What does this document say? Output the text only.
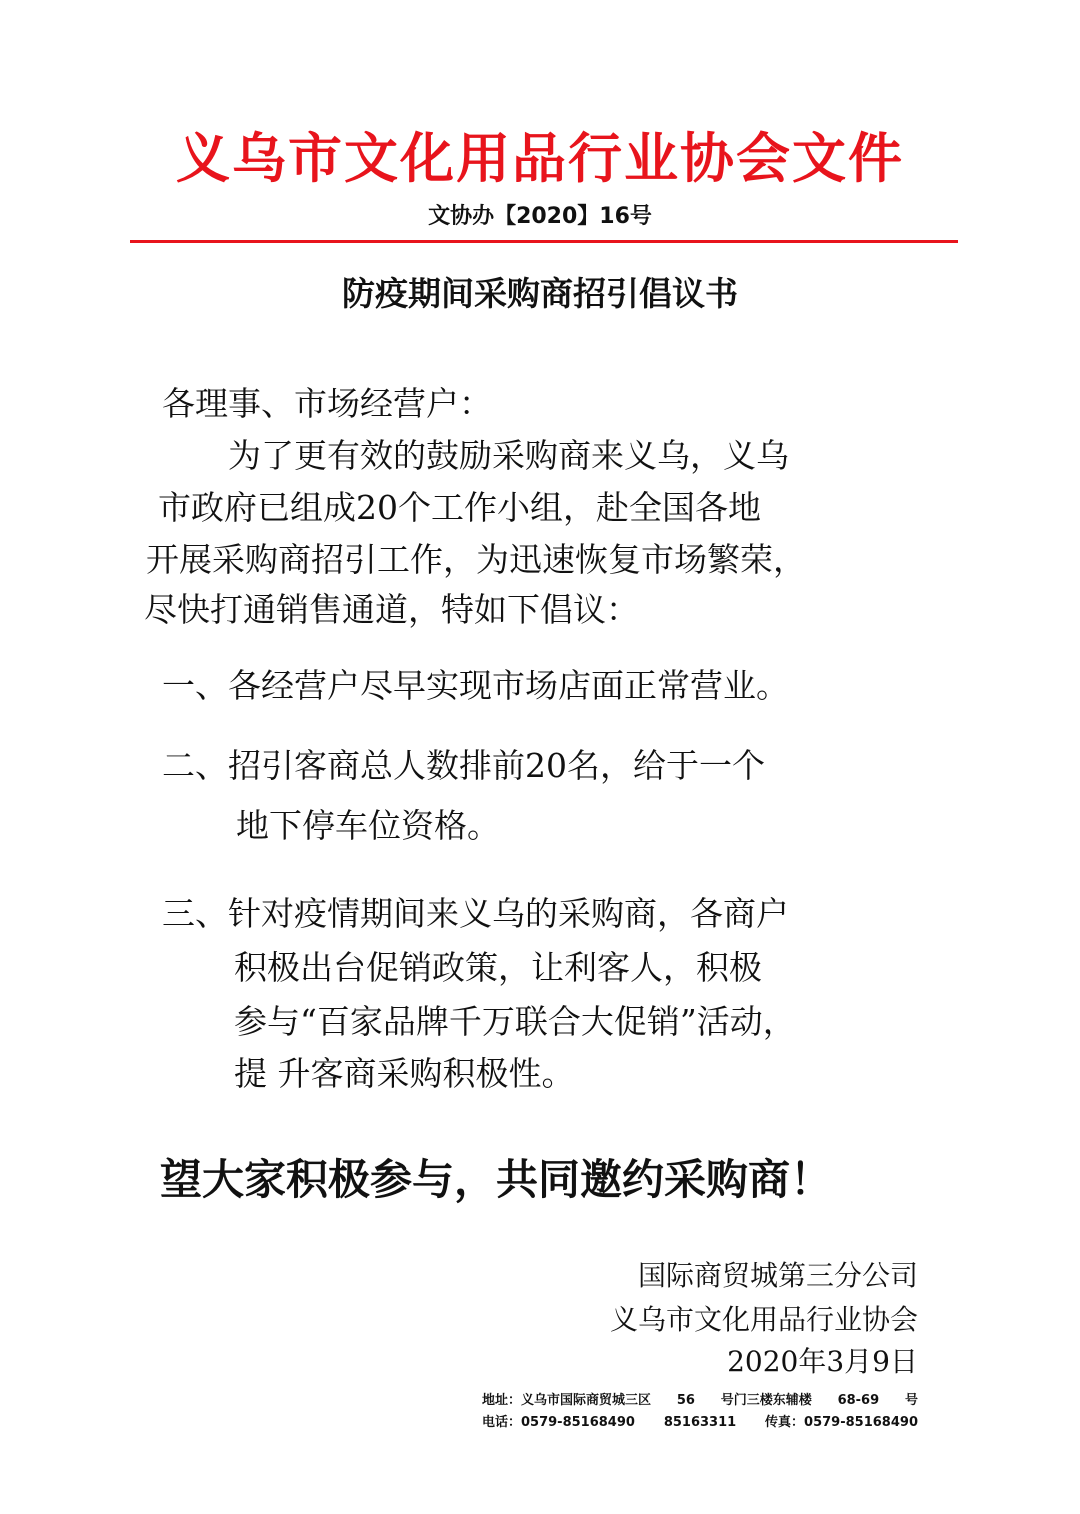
义乌市文化用品行业协会文件
文协办【2020】16号
防疫期间采购商招引倡议书
各理事、市场经营户：
为了更有效的鼓励采购商来义乌，义乌
市政府已组成20个工作小组，赴全国各地
开展采购商招引工作，为迅速恢复市场繁荣，
尽快打通销售通道，特如下倡议：
一、各经营户尽早实现市场店面正常营业。
二、招引客商总人数排前20名，给于一个
地下停车位资格。
三、针对疫情期间来义乌的采购商，各商户
积极出台促销政策，让利客人，积极
参与“百家品牌千万联合大促销”活动，
提 升客商采购积极性。
望大家积极参与，共同邀约采购商！
国际商贸城第三分公司
义乌市文化用品行业协会
2020年3月9日
地址：义乌市国际商贸城三区 56 号门三楼东辅楼 68-69 号
电话：0579-85168490 85163311 传真：0579-85168490
